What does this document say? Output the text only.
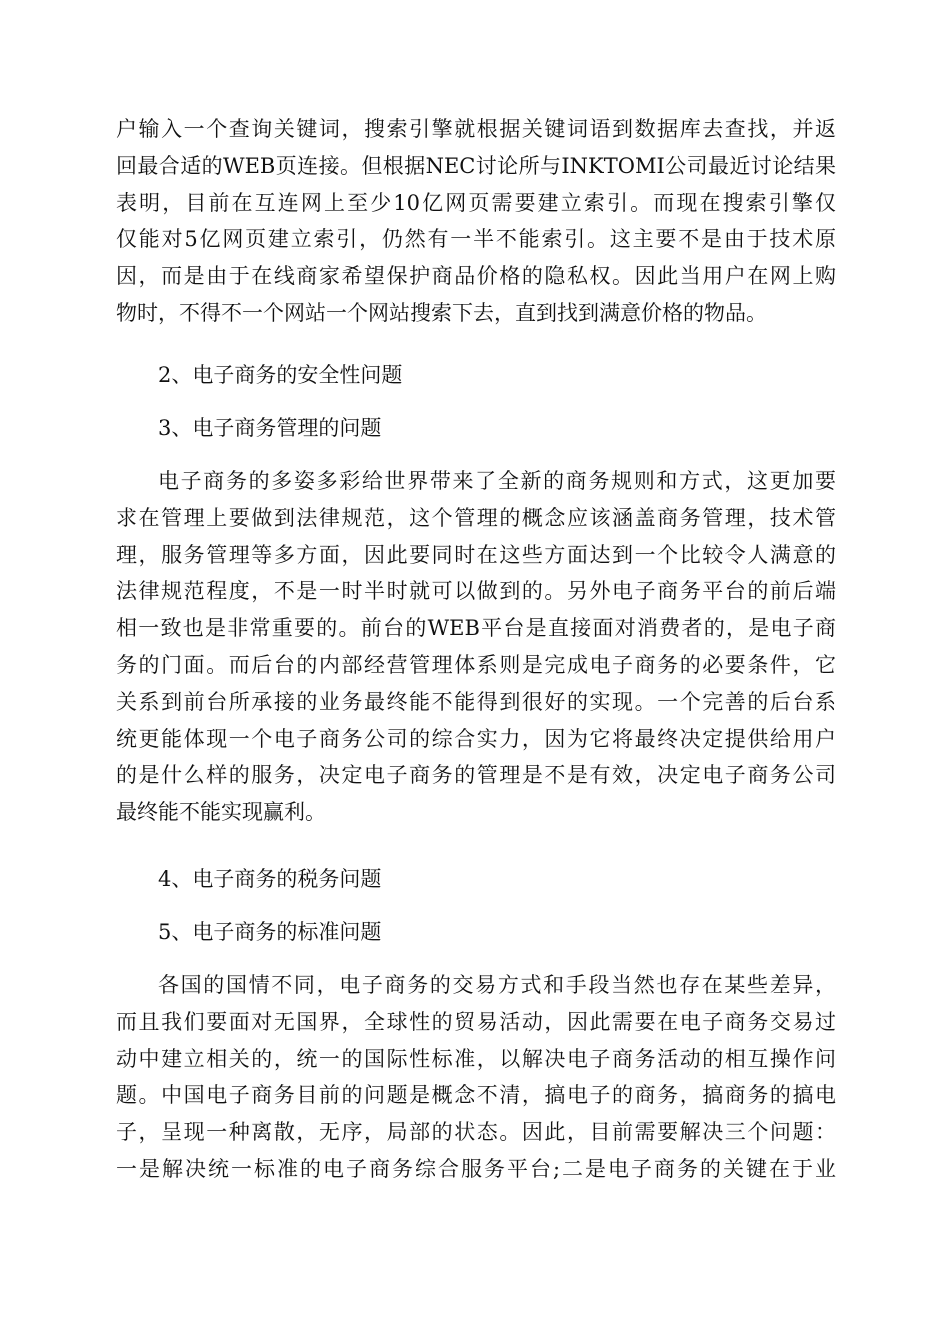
户输入一个查询关键词，搜索引擎就根据关键词语到数据库去查找，并返
回最合适的WEB页连接。但根据NEC讨论所与INKTOMI公司最近讨论结果
表明，目前在互连网上至少10亿网页需要建立索引。而现在搜索引擎仅
仅能对5亿网页建立索引，仍然有一半不能索引。这主要不是由于技术原
因，而是由于在线商家希望保护商品价格的隐私权。因此当用户在网上购
物时，不得不一个网站一个网站搜索下去，直到找到满意价格的物品。
2、电子商务的安全性问题
3、电子商务管理的问题
电子商务的多姿多彩给世界带来了全新的商务规则和方式，这更加要
求在管理上要做到法律规范，这个管理的概念应该涵盖商务管理，技术管
理，服务管理等多方面，因此要同时在这些方面达到一个比较令人满意的
法律规范程度，不是一时半时就可以做到的。另外电子商务平台的前后端
相一致也是非常重要的。前台的WEB平台是直接面对消费者的，是电子商
务的门面。而后台的内部经营管理体系则是完成电子商务的必要条件，它
关系到前台所承接的业务最终能不能得到很好的实现。一个完善的后台系
统更能体现一个电子商务公司的综合实力，因为它将最终决定提供给用户
的是什么样的服务，决定电子商务的管理是不是有效，决定电子商务公司
最终能不能实现赢利。
4、电子商务的税务问题
5、电子商务的标准问题
各国的国情不同，电子商务的交易方式和手段当然也存在某些差异，
而且我们要面对无国界，全球性的贸易活动，因此需要在电子商务交易过
动中建立相关的，统一的国际性标准，以解决电子商务活动的相互操作问
题。中国电子商务目前的问题是概念不清，搞电子的商务，搞商务的搞电
子，呈现一种离散，无序，局部的状态。因此，目前需要解决三个问题：
一是解决统一标准的电子商务综合服务平台;二是电子商务的关键在于业
